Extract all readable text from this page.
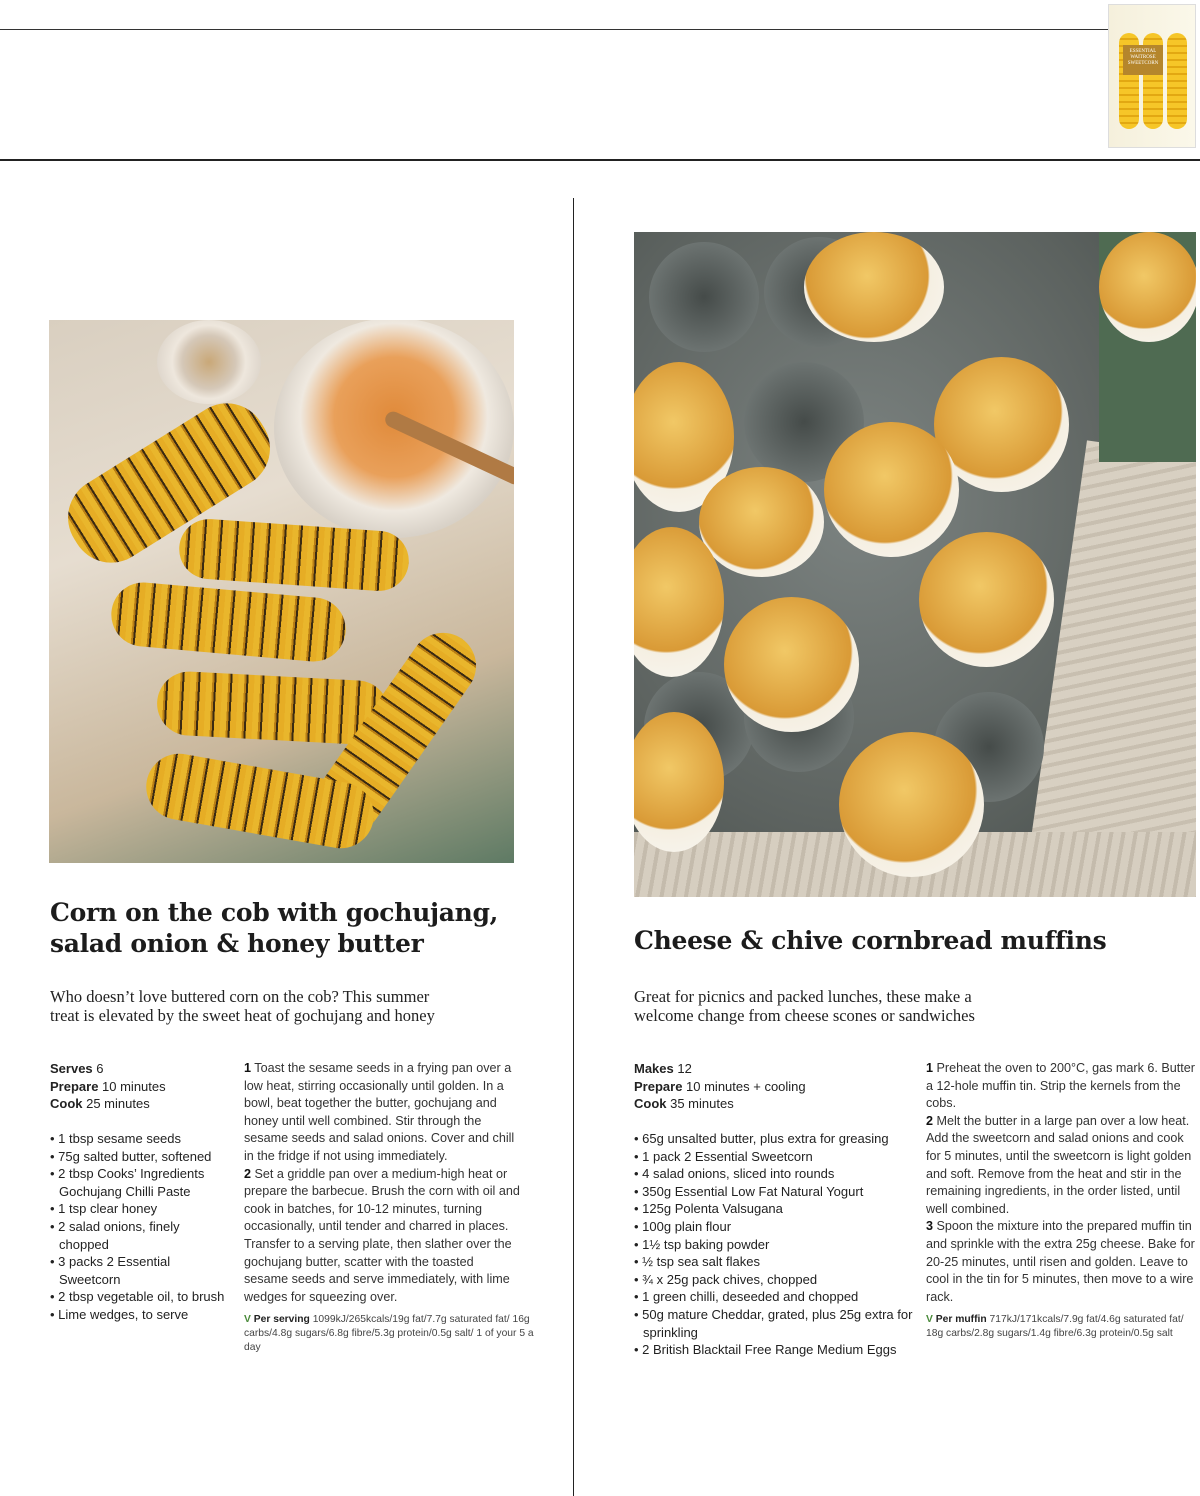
ESSENTIAL WAITROSE SWEETCORN
Corn on the cob with gochujang,
salad onion & honey butter

Who doesn’t love buttered corn on the cob? This summer
treat is elevated by the sweet heat of gochujang and honey

Serves 6
Prepare 10 minutes
Cook 25 minutes
• 1 tbsp sesame seeds
• 75g salted butter, softened
• 2 tbsp Cooks’ Ingredients Gochujang Chilli Paste
• 1 tsp clear honey
• 2 salad onions, finely chopped
• 3 packs 2 Essential Sweetcorn
• 2 tbsp vegetable oil, to brush
• Lime wedges, to serve

1 Toast the sesame seeds in a frying pan over a low heat, stirring occasionally until golden. In a bowl, beat together the butter, gochujang and honey until well combined. Stir through the sesame seeds and salad onions. Cover and chill in the fridge if not using immediately.

2 Set a griddle pan over a medium-high heat or prepare the barbecue. Brush the corn with oil and cook in batches, for 10-12 minutes, turning occasionally, until tender and charred in places. Transfer to a serving plate, then slather over the gochujang butter, scatter with the toasted sesame seeds and serve immediately, with lime wedges for squeezing over.

V Per serving 1099kJ/265kcals/19g fat/7.7g saturated fat/ 16g carbs/4.8g sugars/6.8g fibre/5.3g protein/0.5g salt/ 1 of your 5 a day
Cheese & chive cornbread muffins

Great for picnics and packed lunches, these make a
welcome change from cheese scones or sandwiches

Makes 12
Prepare 10 minutes + cooling
Cook 35 minutes
• 65g unsalted butter, plus extra for greasing
• 1 pack 2 Essential Sweetcorn
• 4 salad onions, sliced into rounds
• 350g Essential Low Fat Natural Yogurt
• 125g Polenta Valsugana
• 100g plain flour
• 1½ tsp baking powder
• ½ tsp sea salt flakes
• ¾ x 25g pack chives, chopped
• 1 green chilli, deseeded and chopped
• 50g mature Cheddar, grated, plus 25g extra for sprinkling
• 2 British Blacktail Free Range Medium Eggs

1 Preheat the oven to 200°C, gas mark 6. Butter a 12-hole muffin tin. Strip the kernels from the cobs.

2 Melt the butter in a large pan over a low heat. Add the sweetcorn and salad onions and cook for 5 minutes, until the sweetcorn is light golden and soft. Remove from the heat and stir in the remaining ingredients, in the order listed, until well combined.

3 Spoon the mixture into the prepared muffin tin and sprinkle with the extra 25g cheese. Bake for 20-25 minutes, until risen and golden. Leave to cool in the tin for 5 minutes, then move to a wire rack.

V Per muffin 717kJ/171kcals/7.9g fat/4.6g saturated fat/ 18g carbs/2.8g sugars/1.4g fibre/6.3g protein/0.5g salt
